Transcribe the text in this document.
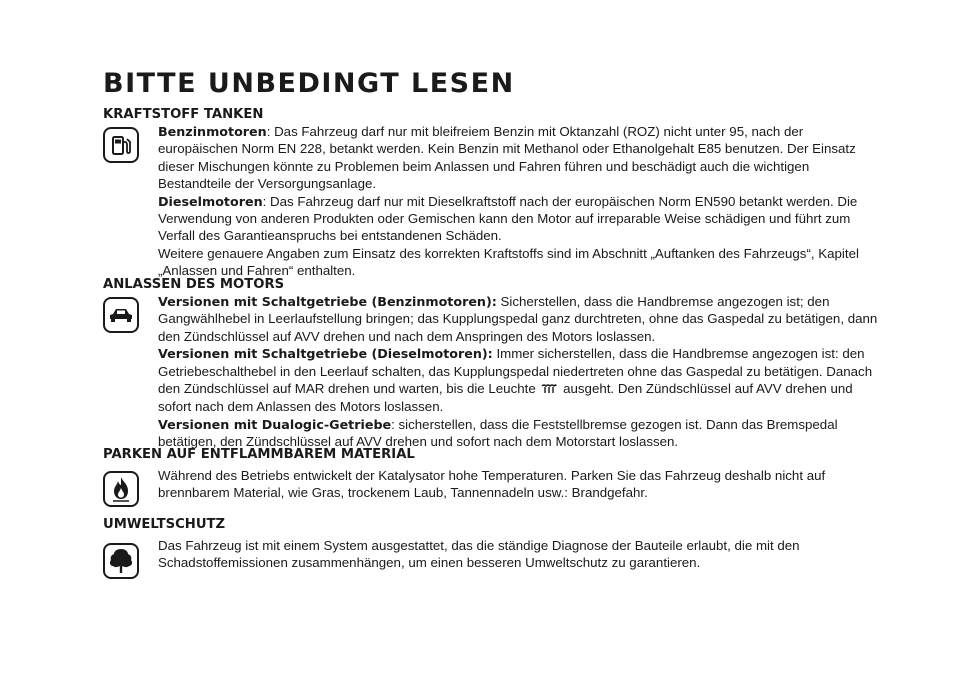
BITTE UNBEDINGT LESEN
KRAFTSTOFF TANKEN

Benzinmotoren: Das Fahrzeug darf nur mit bleifreiem Benzin mit Oktanzahl (ROZ) nicht unter 95, nach der europäischen Norm EN 228, betankt werden. Kein Benzin mit Methanol oder Ethanolgehalt E85 benutzen. Der Einsatz dieser Mischungen könnte zu Problemen beim Anlassen und Fahren führen und beschädigt auch die wichtigen Bestandteile der Versorgungsanlage.

Dieselmotoren: Das Fahrzeug darf nur mit Dieselkraftstoff nach der europäischen Norm EN590 betankt werden. Die Verwendung von anderen Produkten oder Gemischen kann den Motor auf irreparable Weise schädigen und führt zum Verfall des Garantieanspruchs bei entstandenen Schäden.

Weitere genauere Angaben zum Einsatz des korrekten Kraftstoffs sind im Abschnitt „Auftanken des Fahrzeugs“, Kapitel „Anlassen und Fahren“ enthalten.

ANLASSEN DES MOTORS

Versionen mit Schaltgetriebe (Benzinmotoren): Sicherstellen, dass die Handbremse angezogen ist; den Gangwählhebel in Leerlaufstellung bringen; das Kupplungspedal ganz durchtreten, ohne das Gaspedal zu betätigen, dann den Zündschlüssel auf AVV drehen und nach dem Anspringen des Motors loslassen.

Versionen mit Schaltgetriebe (Dieselmotoren): Immer sicherstellen, dass die Handbremse angezogen ist: den Getriebeschalthebel in den Leerlauf schalten, das Kupplungspedal niedertreten ohne das Gaspedal zu betätigen. Danach den Zündschlüssel auf MAR drehen und warten, bis die Leuchte  ausgeht. Den Zündschlüssel auf AVV drehen und sofort nach dem Anlassen des Motors loslassen.

Versionen mit Dualogic-Getriebe: sicherstellen, dass die Feststellbremse gezogen ist. Dann das Bremspedal betätigen, den Zündschlüssel auf AVV drehen und sofort nach dem Motorstart loslassen.

PARKEN AUF ENTFLAMMBAREM MATERIAL

Während des Betriebs entwickelt der Katalysator hohe Temperaturen. Parken Sie das Fahrzeug deshalb nicht auf brennbarem Material, wie Gras, trockenem Laub, Tannennadeln usw.: Brandgefahr.

UMWELTSCHUTZ

Das Fahrzeug ist mit einem System ausgestattet, das die ständige Diagnose der Bauteile erlaubt, die mit den Schadstoffemissionen zusammenhängen, um einen besseren Umweltschutz zu garantieren.
